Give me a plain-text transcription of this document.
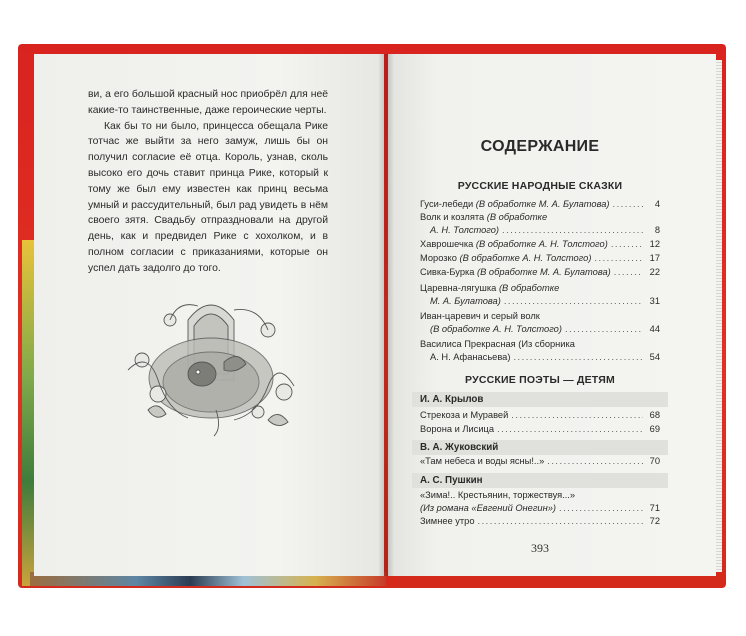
ви, а его большой красный нос приобрёл для неё какие-то таинственные, даже героические черты.

Как бы то ни было, принцесса обещала Рике тотчас же выйти за него замуж, лишь бы он получил согласие её отца. Король, узнав, сколь высоко его дочь ставит принца Рике, который к тому же был ему известен как принц весьма умный и рассудительный, был рад увидеть в нём своего зятя. Свадьбу отпраздновали на другой день, как и предвидел Рике с хохолком, и в полном согласии с приказаниями, которые он успел дать задолго до того.

СОДЕРЖАНИЕ
РУССКИЕ НАРОДНЫЕ СКАЗКИ
Гуси-лебеди (В обработке М. А. Булатова) .....	4
Волк и козлята (В обработке
А. Н. Толстого) .....	8
Хаврошечка (В обработке А. Н. Толстого) .....	12
Морозко (В обработке А. Н. Толстого) .....	17
Сивка-Бурка (В обработке М. А. Булатова) .....	22
Царевна-лягушка (В обработке
М. А. Булатова) .....	31
Иван-царевич и серый волк
(В обработке А. Н. Толстого) .....	44
Василиса Прекрасная (Из сборника
А. Н. Афанасьева) .....	54
РУССКИЕ ПОЭТЫ — ДЕТЯМ
И. А. Крылов
Стрекоза и Муравей .....	68
Ворона и Лисица .....	69
В. А. Жуковский
«Там небеса и воды ясны!..» .....	70
А. С. Пушкин
«Зима!.. Крестьянин, торжествуя...»
(Из романа «Евгений Онегин») .....	71
Зимнее утро .....	72
393
